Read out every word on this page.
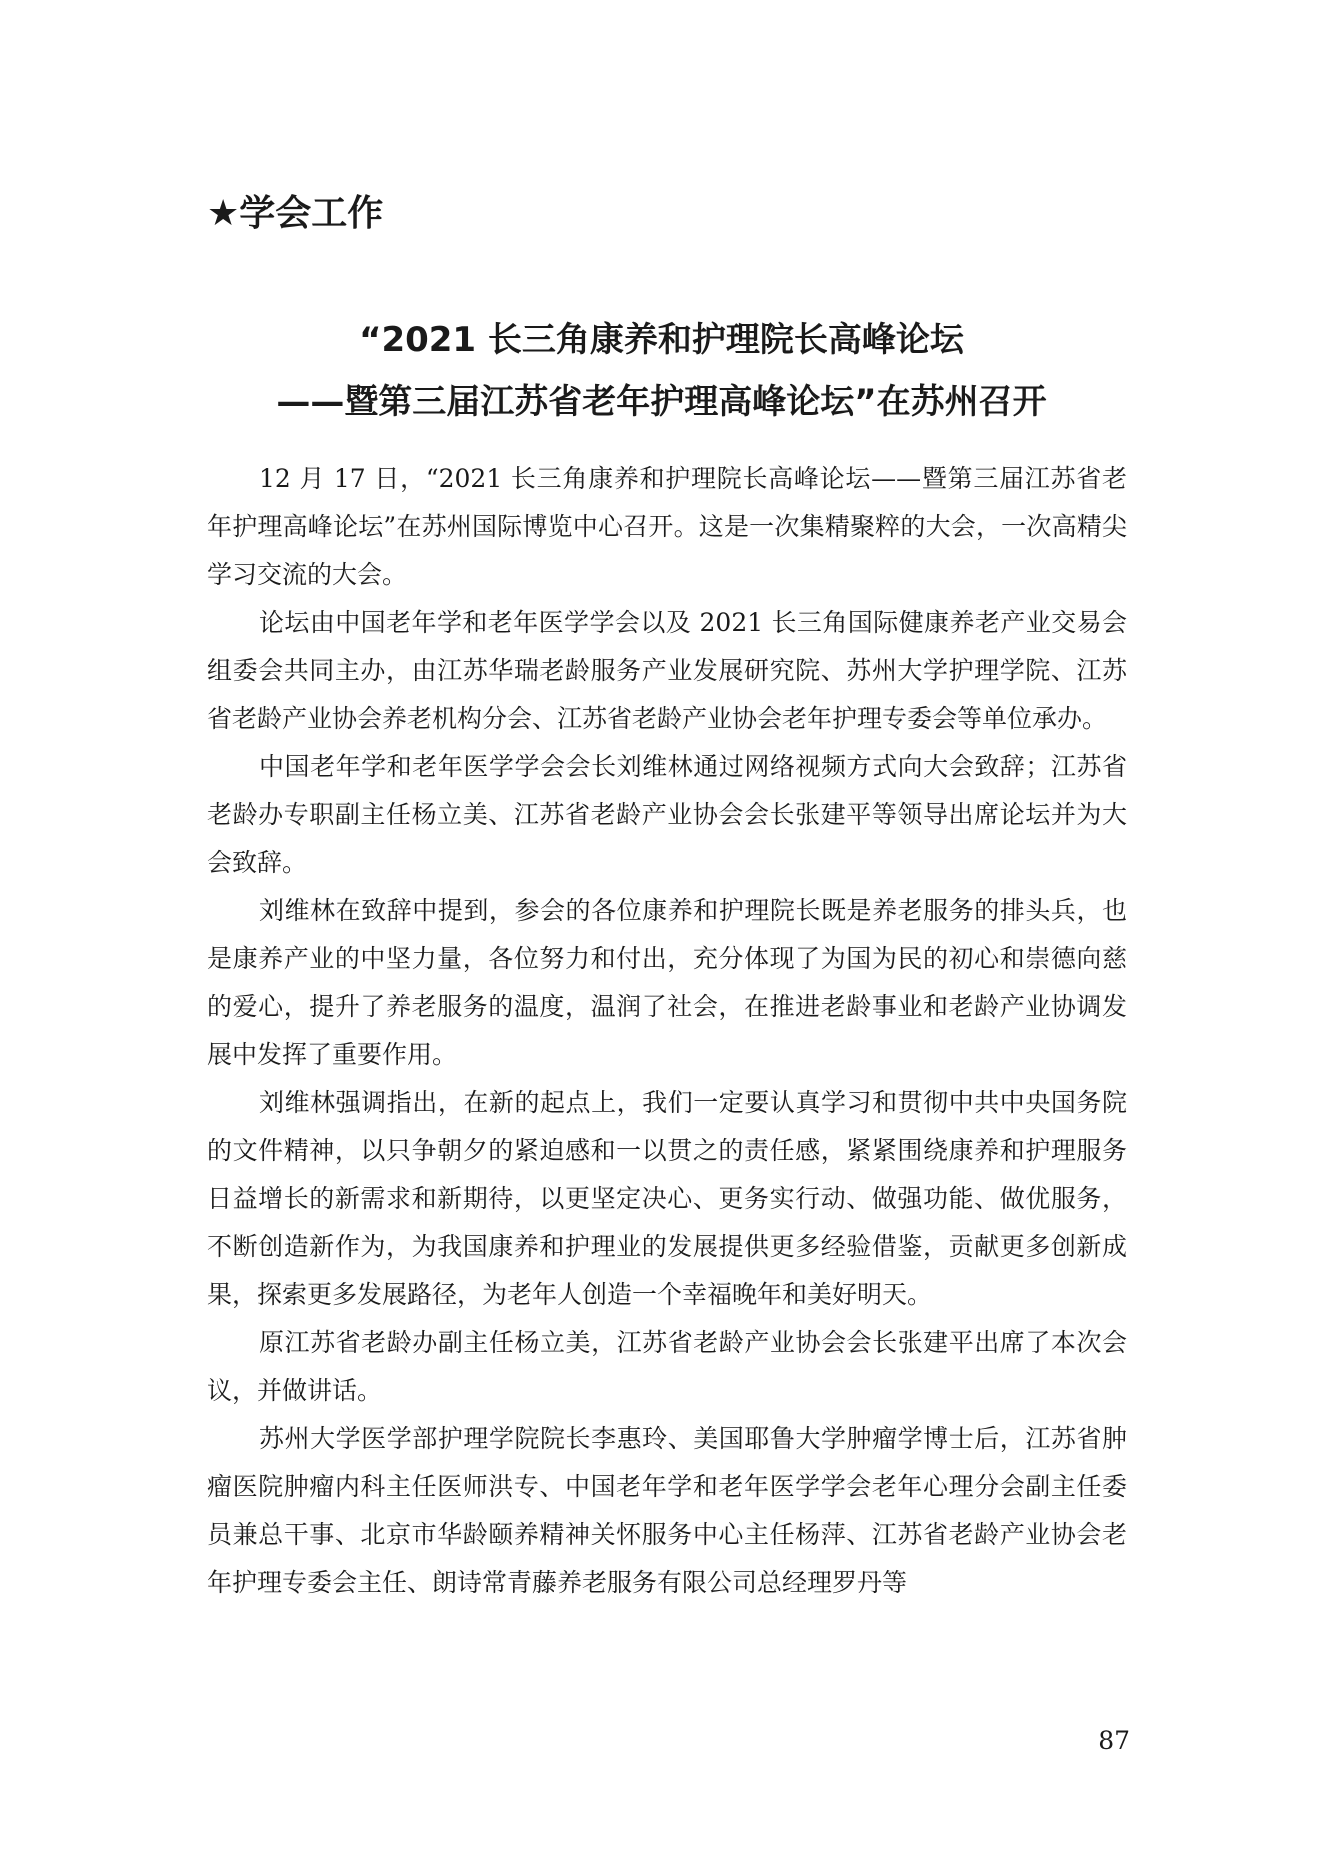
★学会工作
“2021 长三角康养和护理院长高峰论坛
——暨第三届江苏省老年护理高峰论坛”在苏州召开

12 月 17 日，“2021 长三角康养和护理院长高峰论坛——暨第三届江苏省老年护理高峰论坛”在苏州国际博览中心召开。这是一次集精聚粹的大会，一次高精尖学习交流的大会。

论坛由中国老年学和老年医学学会以及 2021 长三角国际健康养老产业交易会组委会共同主办，由江苏华瑞老龄服务产业发展研究院、苏州大学护理学院、江苏省老龄产业协会养老机构分会、江苏省老龄产业协会老年护理专委会等单位承办。

中国老年学和老年医学学会会长刘维林通过网络视频方式向大会致辞；江苏省老龄办专职副主任杨立美、江苏省老龄产业协会会长张建平等领导出席论坛并为大会致辞。

刘维林在致辞中提到，参会的各位康养和护理院长既是养老服务的排头兵，也是康养产业的中坚力量，各位努力和付出，充分体现了为国为民的初心和崇德向慈的爱心，提升了养老服务的温度，温润了社会，在推进老龄事业和老龄产业协调发展中发挥了重要作用。

刘维林强调指出，在新的起点上，我们一定要认真学习和贯彻中共中央国务院的文件精神，以只争朝夕的紧迫感和一以贯之的责任感，紧紧围绕康养和护理服务日益增长的新需求和新期待，以更坚定决心、更务实行动、做强功能、做优服务，不断创造新作为，为我国康养和护理业的发展提供更多经验借鉴，贡献更多创新成果，探索更多发展路径，为老年人创造一个幸福晚年和美好明天。

原江苏省老龄办副主任杨立美，江苏省老龄产业协会会长张建平出席了本次会议，并做讲话。

苏州大学医学部护理学院院长李惠玲、美国耶鲁大学肿瘤学博士后，江苏省肿瘤医院肿瘤内科主任医师洪专、中国老年学和老年医学学会老年心理分会副主任委员兼总干事、北京市华龄颐养精神关怀服务中心主任杨萍、江苏省老龄产业协会老年护理专委会主任、朗诗常青藤养老服务有限公司总经理罗丹等

87
